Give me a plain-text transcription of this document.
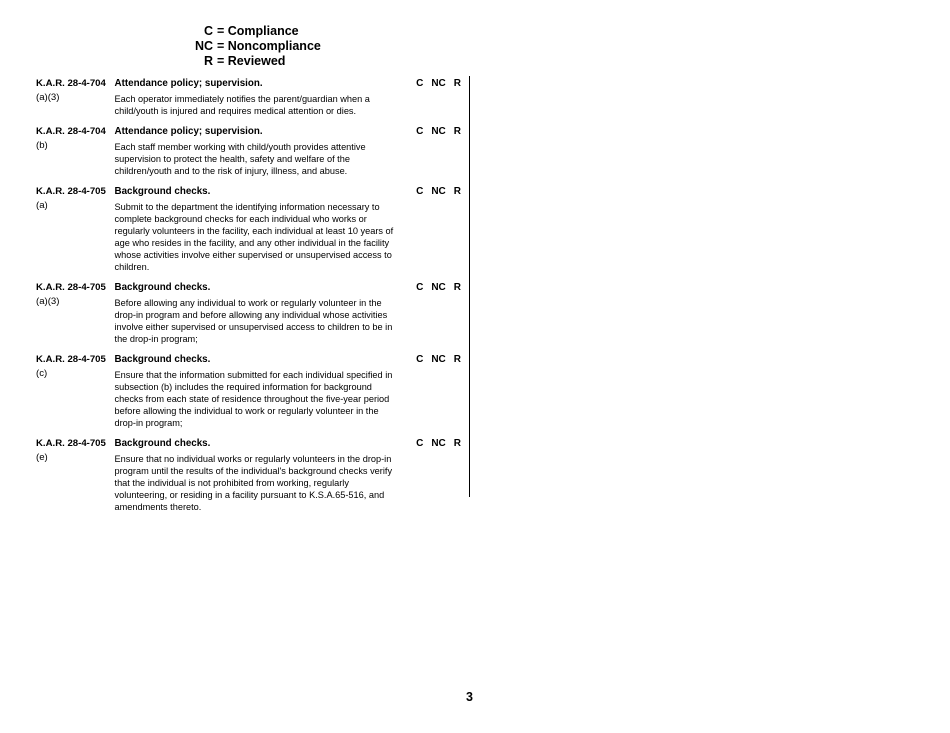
C = Compliance
NC = Noncompliance
R = Reviewed
K.A.R. 28-4-704
(a)(3)
Attendance policy; supervision.
Each operator immediately notifies the parent/guardian when a child/youth is injured and requires medical attention or dies.
C NC R
K.A.R. 28-4-704
(b)
Attendance policy; supervision.
Each staff member working with child/youth provides attentive supervision to protect the health, safety and welfare of the children/youth and to the risk of injury, illness, and abuse.
C NC R
K.A.R. 28-4-705
(a)
Background checks.
Submit to the department the identifying information necessary to complete background checks for each individual who works or regularly volunteers in the facility, each individual at least 10 years of age who resides in the facility, and any other individual in the facility whose activities involve either supervised or unsupervised access to children.
C NC R
K.A.R. 28-4-705
(a)(3)
Background checks.
Before allowing any individual to work or regularly volunteer in the drop-in program and before allowing any individual whose activities involve either supervised or unsupervised access to children to be in the drop-in program;
C NC R
K.A.R. 28-4-705
(c)
Background checks.
Ensure that the information submitted for each individual specified in subsection (b) includes the required information for background checks from each state of residence throughout the five-year period before allowing the individual to work or regularly volunteer in the drop-in program;
C NC R
K.A.R. 28-4-705
(e)
Background checks.
Ensure that no individual works or regularly volunteers in the drop-in program until the results of the individual's background checks verify that the individual is not prohibited from working, regularly volunteering, or residing in a facility pursuant to K.S.A.65-516, and amendments thereto.
C NC R
3
